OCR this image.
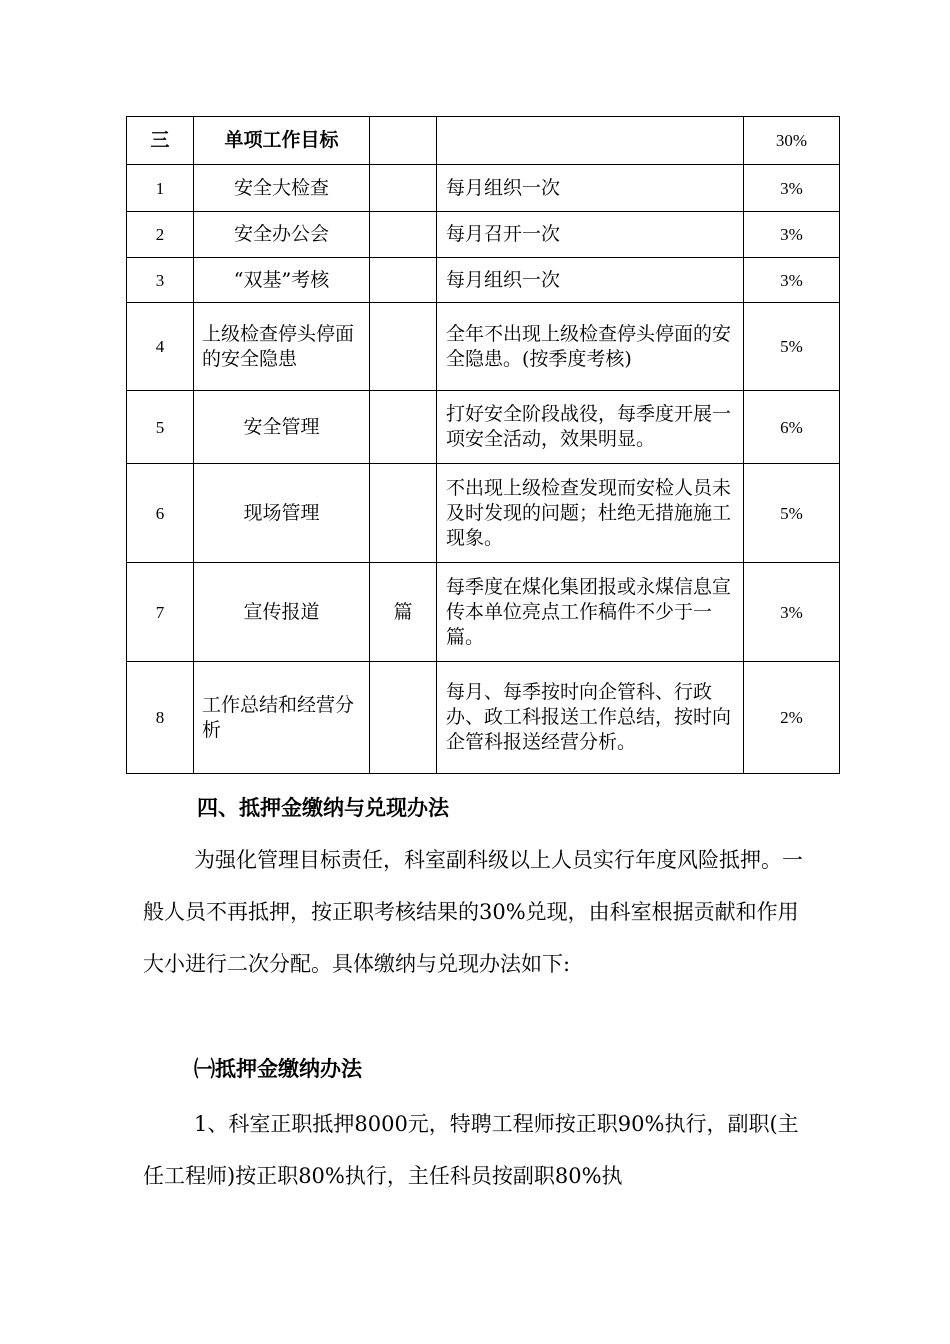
三	单项工作目标			30%
1	安全大检查		每月组织一次	3%
2	安全办公会		每月召开一次	3%
3	“双基”考核		每月组织一次	3%
4	上级检查停头停面的安全隐患		全年不出现上级检查停头停面的安全隐患。(按季度考核)	5%
5	安全管理		打好安全阶段战役，每季度开展一项安全活动，效果明显。	6%
6	现场管理		不出现上级检查发现而安检人员未及时发现的问题；杜绝无措施施工现象。	5%
7	宣传报道	篇	每季度在煤化集团报或永煤信息宣传本单位亮点工作稿件不少于一篇。	3%
8	工作总结和经营分析		每月、每季按时向企管科、行政办、政工科报送工作总结，按时向企管科报送经营分析。	2%

四、抵押金缴纳与兑现办法

为强化管理目标责任，科室副科级以上人员实行年度风险抵押。一般人员不再抵押，按正职考核结果的30%兑现，由科室根据贡献和作用大小进行二次分配。具体缴纳与兑现办法如下:

㈠抵押金缴纳办法

1、科室正职抵押8000元，特聘工程师按正职90%执行，副职(主任工程师)按正职80%执行，主任科员按副职80%执
